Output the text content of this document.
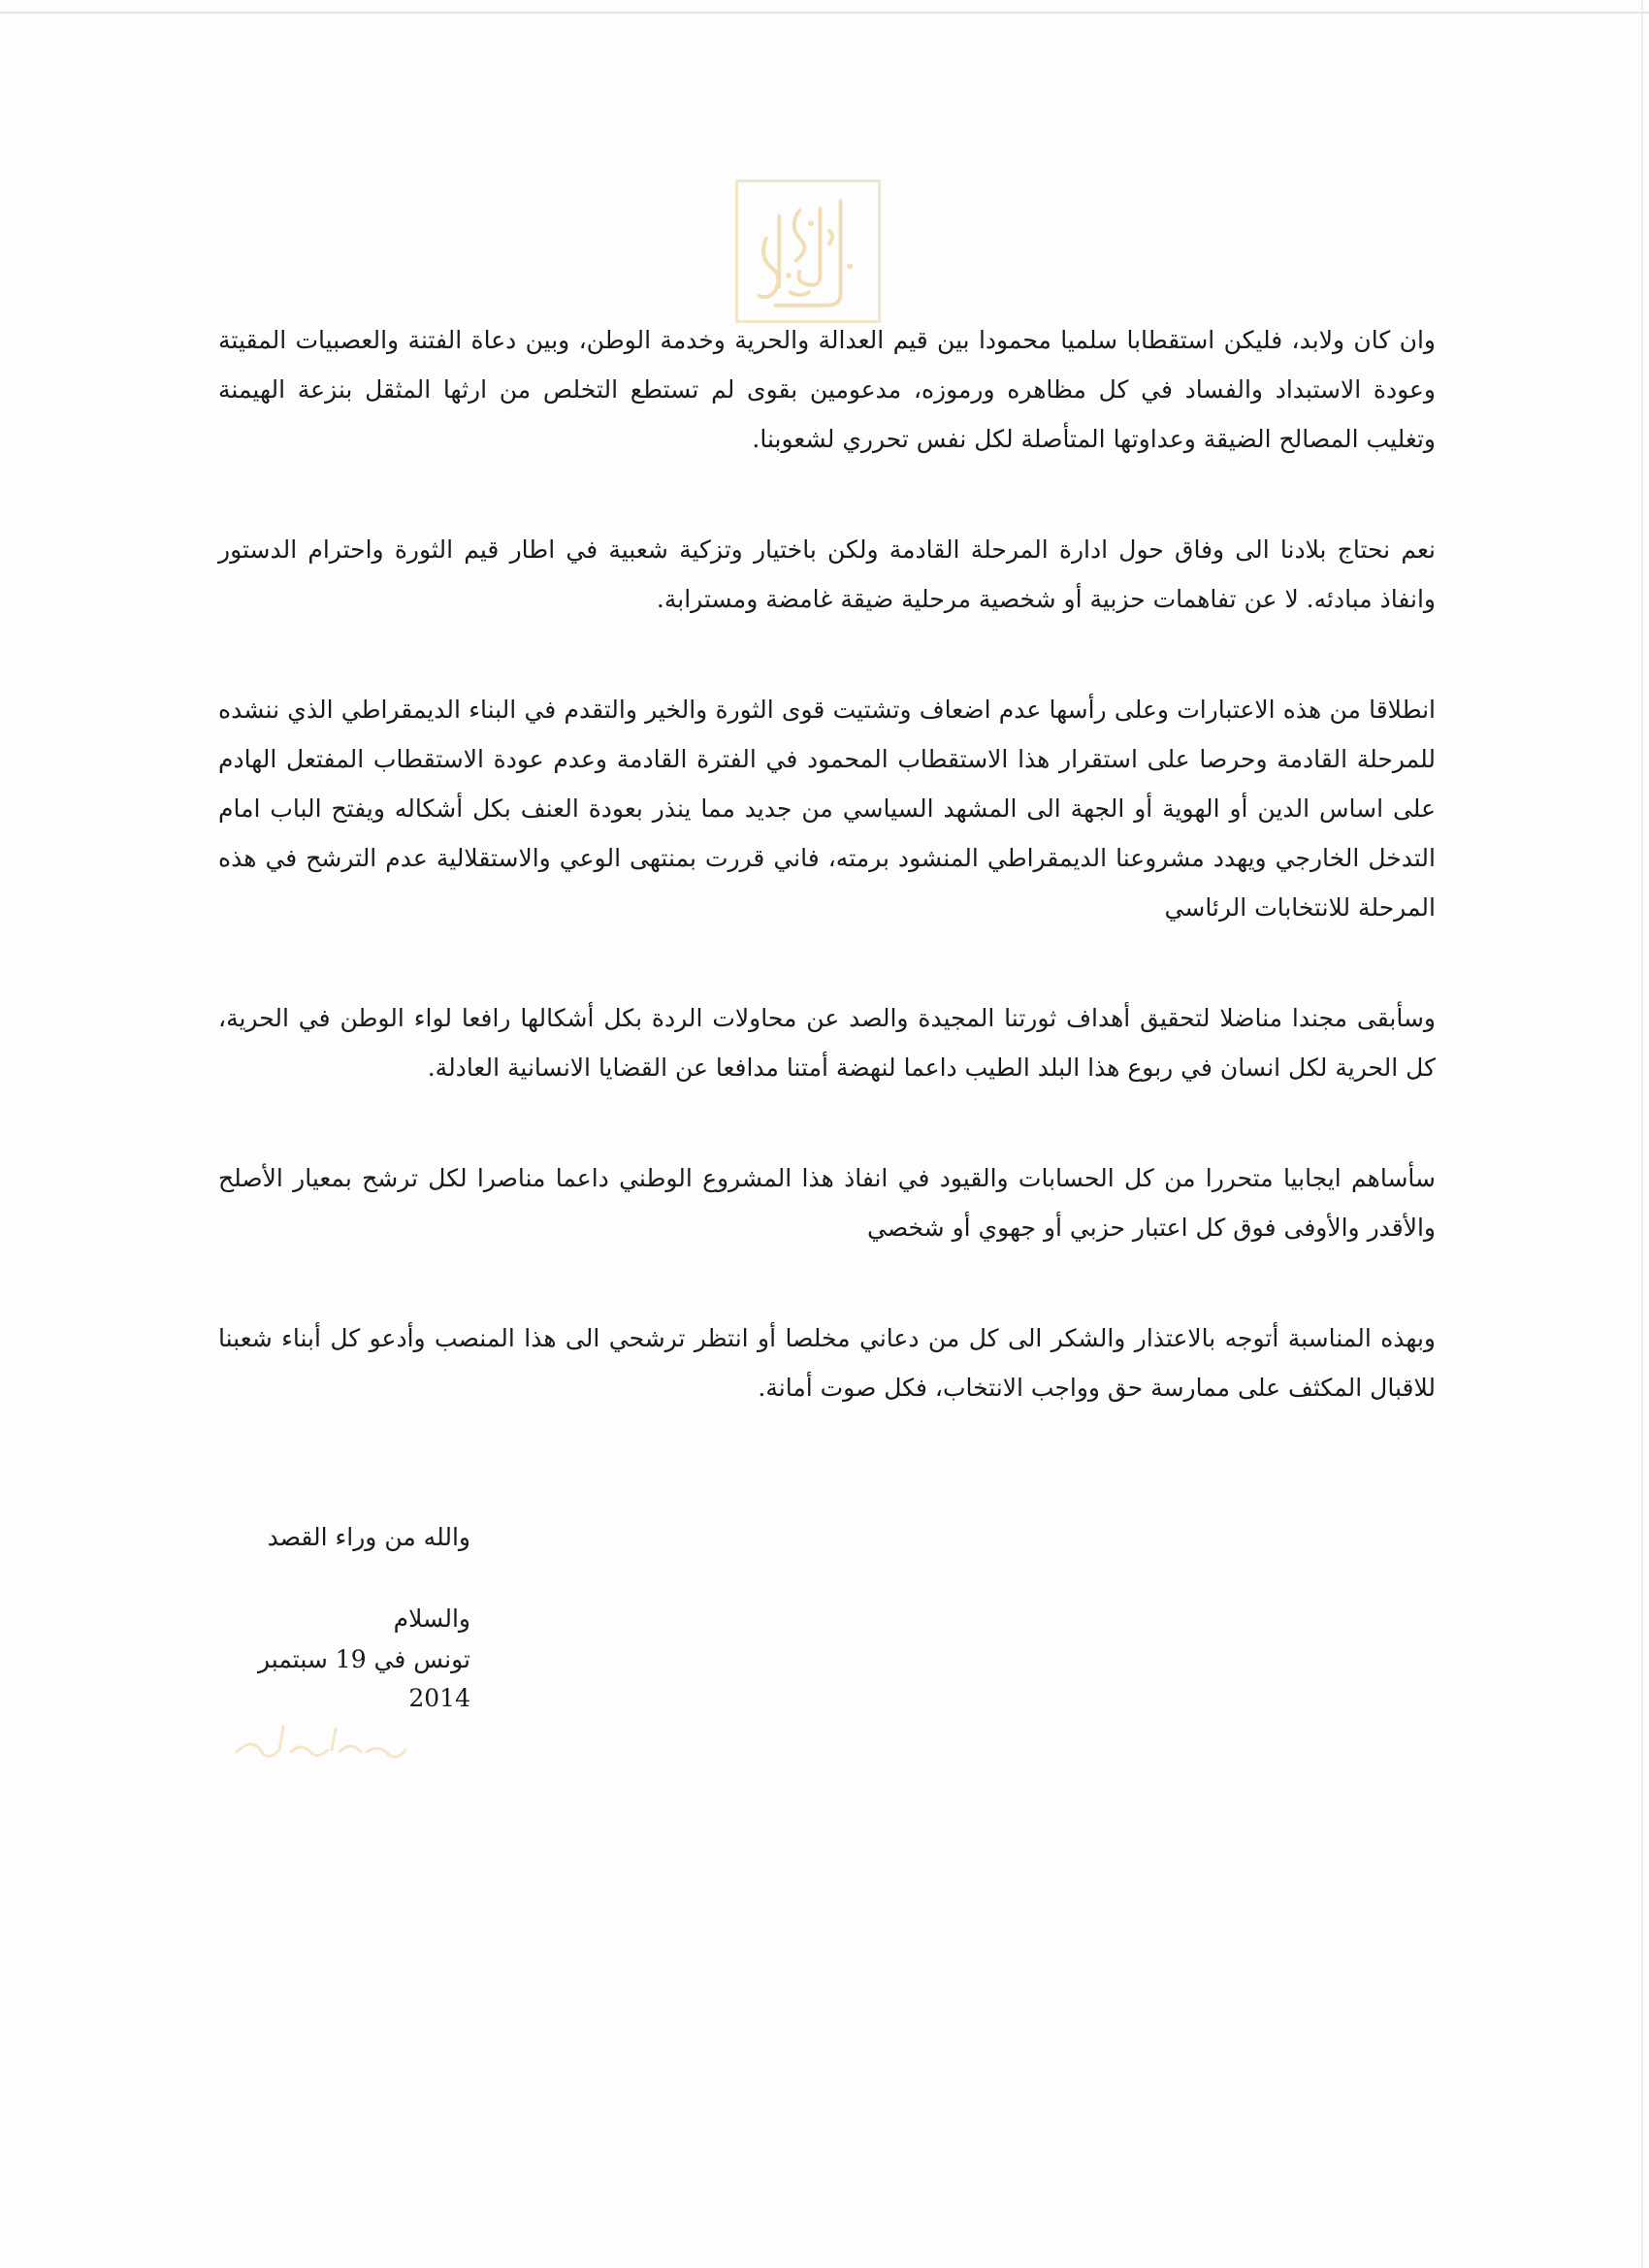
وان كان ولابد، فليكن استقطابا سلميا محمودا بين قيم العدالة والحرية وخدمة الوطن، وبين دعاة الفتنة والعصبيات المقيتة وعودة الاستبداد والفساد في كل مظاهره ورموزه، مدعومين بقوى لم تستطع التخلص من ارثها المثقل بنزعة الهيمنة وتغليب المصالح الضيقة وعداوتها المتأصلة لكل نفس تحرري لشعوبنا.

نعم نحتاج بلادنا الى وفاق حول ادارة المرحلة القادمة ولكن باختيار وتزكية شعبية في اطار قيم الثورة واحترام الدستور وانفاذ مبادئه. لا عن تفاهمات حزبية أو شخصية مرحلية ضيقة غامضة ومسترابة.

انطلاقا من هذه الاعتبارات وعلى رأسها عدم اضعاف وتشتيت قوى الثورة والخير والتقدم في البناء الديمقراطي الذي ننشده للمرحلة القادمة وحرصا على استقرار هذا الاستقطاب المحمود في الفترة القادمة وعدم عودة الاستقطاب المفتعل الهادم على اساس الدين أو الهوية أو الجهة الى المشهد السياسي من جديد مما ينذر بعودة العنف بكل أشكاله ويفتح الباب امام التدخل الخارجي ويهدد مشروعنا الديمقراطي المنشود برمته، فاني قررت بمنتهى الوعي والاستقلالية عدم الترشح في هذه المرحلة للانتخابات الرئاسي

وسأبقى مجندا مناضلا لتحقيق أهداف ثورتنا المجيدة والصد عن محاولات الردة بكل أشكالها رافعا لواء الوطن في الحرية، كل الحرية لكل انسان في ربوع هذا البلد الطيب داعما لنهضة أمتنا مدافعا عن القضايا الانسانية العادلة.

سأساهم ايجابيا متحررا من كل الحسابات والقيود في انفاذ هذا المشروع الوطني داعما مناصرا لكل ترشح بمعيار الأصلح والأقدر والأوفى فوق كل اعتبار حزبي أو جهوي أو شخصي

وبهذه المناسبة أتوجه بالاعتذار والشكر الى كل من دعاني مخلصا أو انتظر ترشحي الى هذا المنصب وأدعو كل أبناء شعبنا للاقبال المكثف على ممارسة حق وواجب الانتخاب، فكل صوت أمانة.

والله من وراء القصد
والسلام
تونس في 19 سبتمبر 2014
